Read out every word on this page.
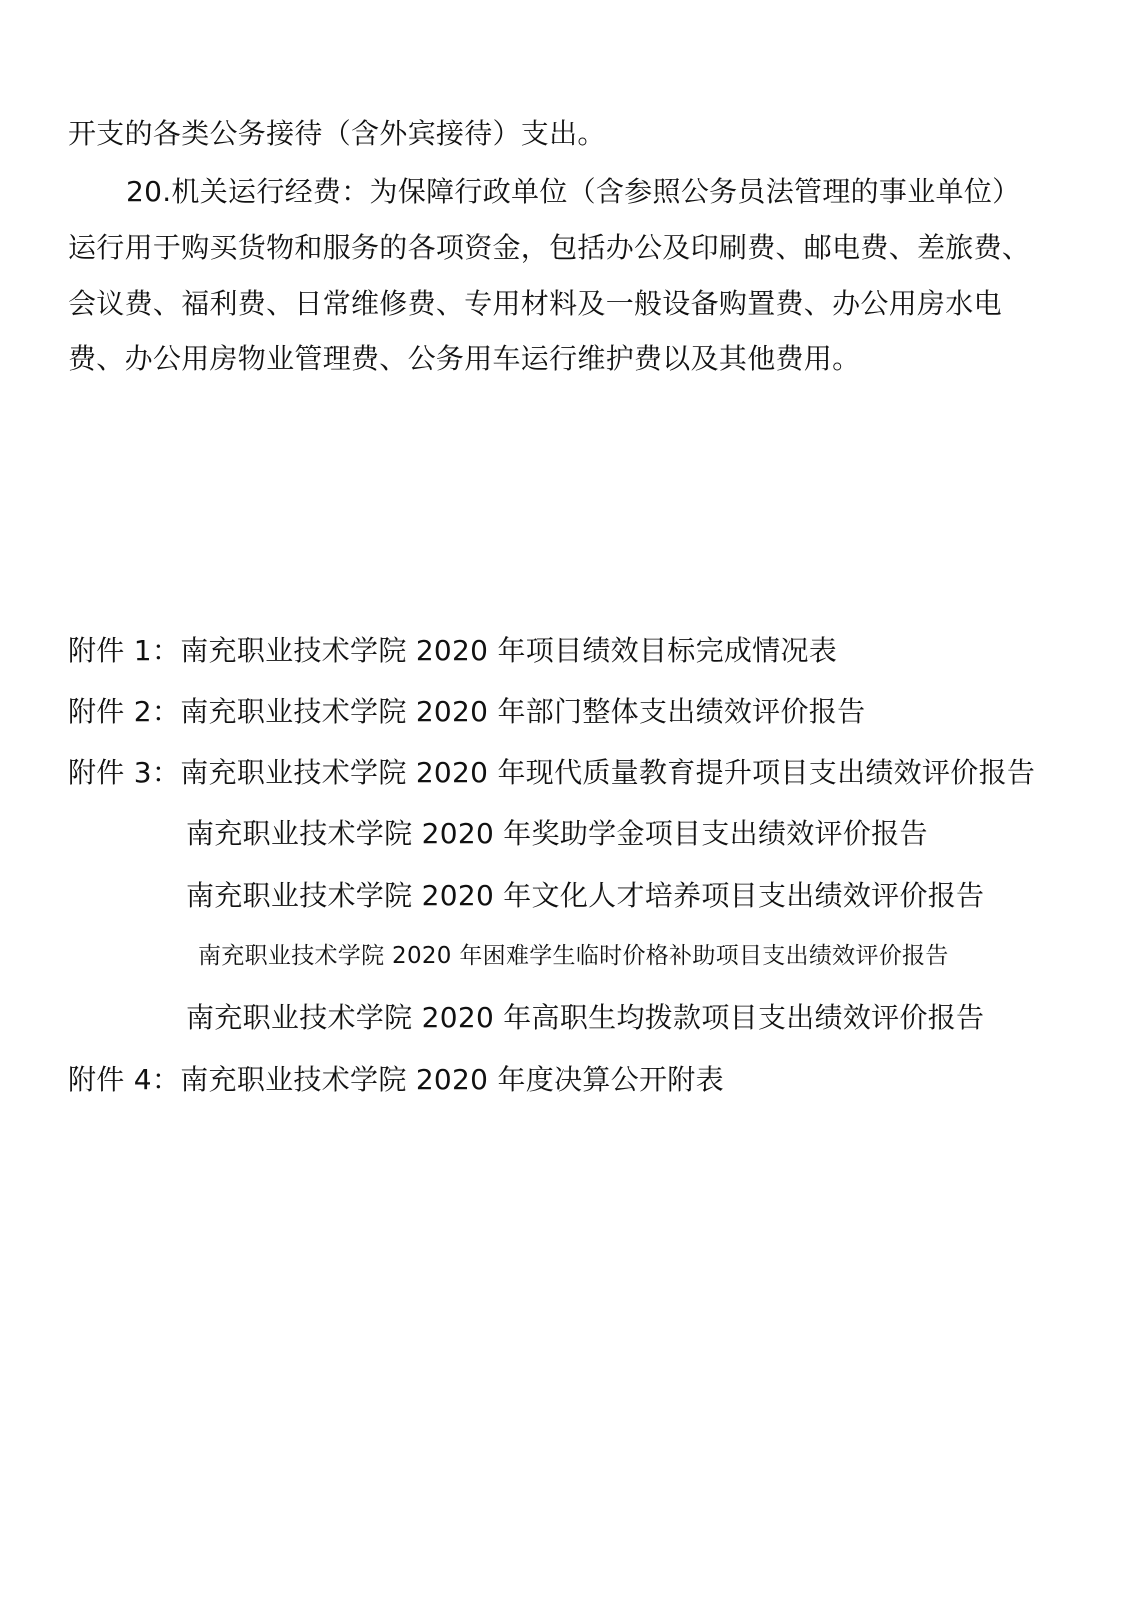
开支的各类公务接待（含外宾接待）支出。
20.机关运行经费：为保障行政单位（含参照公务员法管理的事业单位）
运行用于购买货物和服务的各项资金，包括办公及印刷费、邮电费、差旅费、
会议费、福利费、日常维修费、专用材料及一般设备购置费、办公用房水电
费、办公用房物业管理费、公务用车运行维护费以及其他费用。
附件 1：南充职业技术学院 2020 年项目绩效目标完成情况表
附件 2：南充职业技术学院 2020 年部门整体支出绩效评价报告
附件 3：南充职业技术学院 2020 年现代质量教育提升项目支出绩效评价报告
南充职业技术学院 2020 年奖助学金项目支出绩效评价报告
南充职业技术学院 2020 年文化人才培养项目支出绩效评价报告
南充职业技术学院 2020 年困难学生临时价格补助项目支出绩效评价报告
南充职业技术学院 2020 年高职生均拨款项目支出绩效评价报告
附件 4：南充职业技术学院 2020 年度决算公开附表
